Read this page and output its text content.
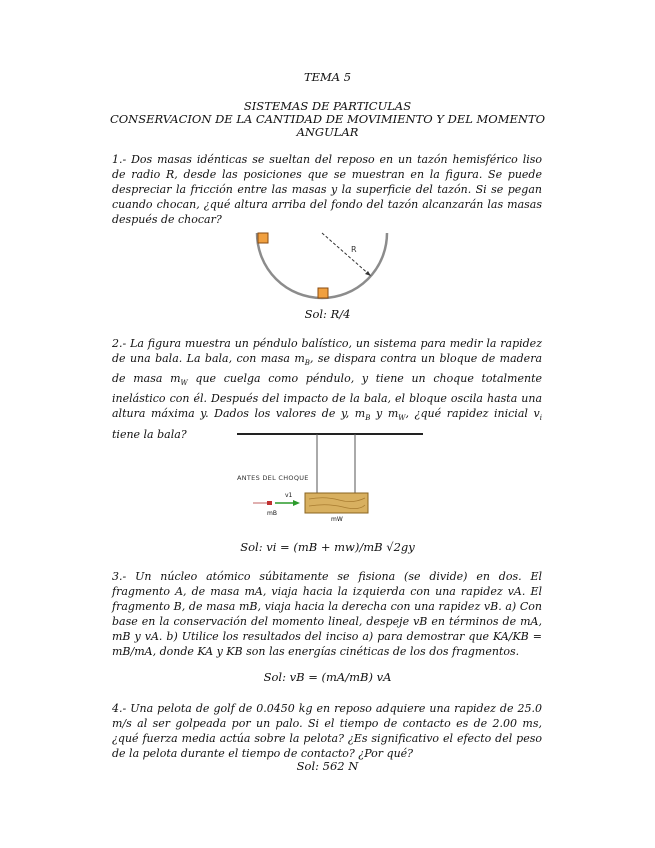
TEMA 5
SISTEMAS DE PARTICULAS
CONSERVACION DE LA CANTIDAD DE MOVIMIENTO Y DEL MOMENTO
ANGULAR
1.- Dos masas idénticas se sueltan del reposo en un tazón hemisférico liso de radio R, desde las posiciones que se muestran en la figura. Se puede despreciar la fricción entre las masas y la superficie del tazón. Si se pegan cuando chocan, ¿qué altura arriba del fondo del tazón alcanzarán las masas después de chocar?
R
Sol: R/4
2.- La figura muestra un péndulo balístico, un sistema para medir la rapidez de una bala. La bala, con masa $m_B$, se dispara contra un bloque de madera de masa $m_W$ que cuelga como péndulo, y tiene un choque totalmente inelástico con él. Después del impacto de la bala, el bloque oscila hasta una altura máxima y. Dados los valores de y, $m_B$ y $m_W$, ¿qué rapidez inicial $v_i$ tiene la bala?
ANTES DEL CHOQUE
v1
mB
mW
Sol: vi = (mB + mw)/mB √2gy
3.- Un núcleo atómico súbitamente se fisiona (se divide) en dos. El fragmento A, de masa mA, viaja hacia la izquierda con una rapidez vA. El fragmento B, de masa mB, viaja hacia la derecha con una rapidez vB. a) Con base en la conservación del momento lineal, despeje vB en términos de mA, mB y vA. b) Utilice los resultados del inciso a) para demostrar que KA/KB = mB/mA, donde KA y KB son las energías cinéticas de los dos fragmentos.
Sol: vB = (mA/mB) vA
4.- Una pelota de golf de 0.0450 kg en reposo adquiere una rapidez de 25.0 m/s al ser golpeada por un palo. Si el tiempo de contacto es de 2.00 ms, ¿qué fuerza media actúa sobre la pelota? ¿Es significativo el efecto del peso de la pelota durante el tiempo de contacto? ¿Por qué?
Sol: 562 N
